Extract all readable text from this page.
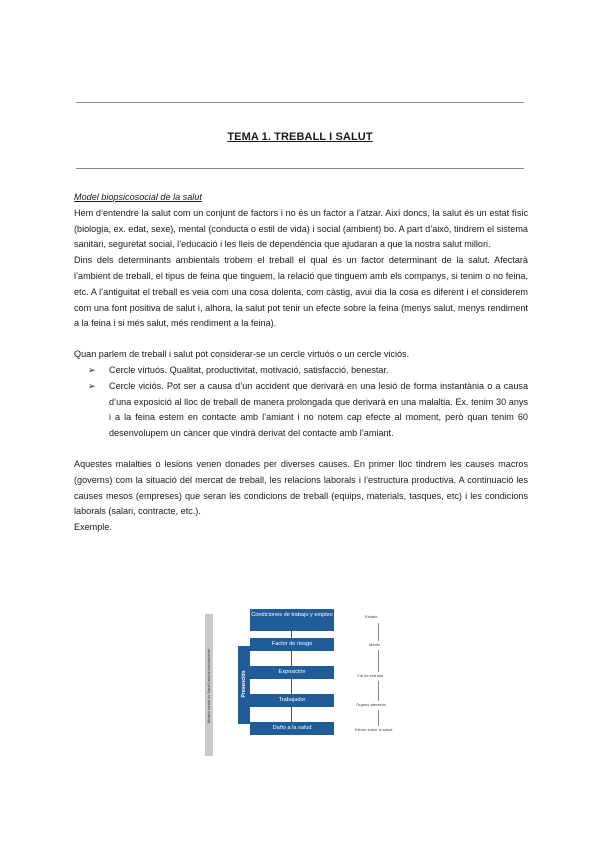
TEMA 1. TREBALL I SALUT

Model biopsicosocial de la salut

Hem d’entendre la salut com un conjunt de factors i no és un factor a l’atzar. Així doncs, la salut és un estat físic (biologia, ex. edat, sexe), mental (conducta o estil de vida) i social (ambient) bo. A part d’això, tindrem el sistema sanitari, seguretat social, l’educació i les lleis de dependència que ajudaran a que la nostra salut millori.

Dins dels determinants ambientals trobem el treball el qual és un factor determinant de la salut. Afectarà l’ambient de treball, el tipus de feina que tinguem, la relació que tinguem amb els companys, si tenim o no feina, etc. A l’antiguitat el treball es veia com una cosa dolenta, com càstig, avui dia la cosa es diferent i el considerem com una font positiva de salut i, alhora, la salut pot tenir un efecte sobre la feina (menys salut, menys rendiment a la feina i si més salut, més rendiment a la feina).

Quan parlem de treball i salut pot considerar-se un cercle virtuós o un cercle viciós.

➢ Cercle virtuós. Qualitat, productivitat, motivació, satisfacció, benestar.
➢ Cercle viciós. Pot ser a causa d’un accident que derivarà en una lesió de forma instantània o a causa d’una exposició al lloc de treball de manera prolongada que derivarà en una malaltia. Ex. tenim 30 anys i a la feina estem en contacte amb l’amiant i no notem cap efecte al moment, però quan tenim 60 desenvolupem un càncer que vindrà derivat del contacte amb l’amiant.

Aquestes malalties o lesions venen donades per diverses causes. En primer lloc tindrem les causes macros (governs) com la situació del mercat de treball, les relacions laborals i l’estructura productiva. A continuació les causes mesos (empreses) que seran les condicions de treball (equips, materials, tasques, etc) i les condicions laborals (salari, contracte, etc.).

Exemple.

Modelo causal en Salud Laboral estrictamente	Prevención
Condiciones de trabajo y empleo
Factor de riesgo
Exposición
Trabajador
Daño a la salud
Estado
Medio
Vía de entrada
Órgano afectado
Efecto sobre la salud
